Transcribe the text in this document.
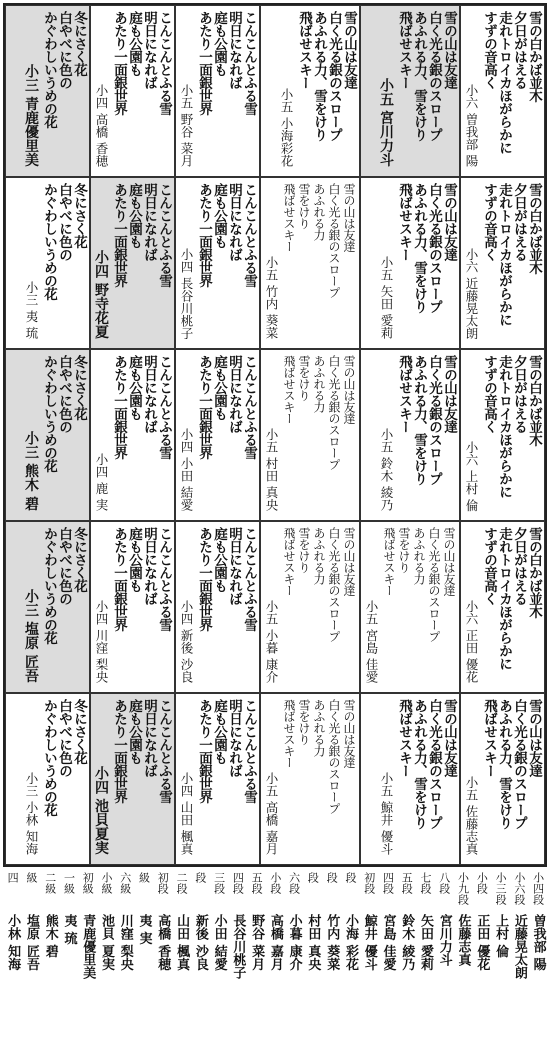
冬にさく花
白やべに色の
かぐわしいうめの花
小三 青鹿優里美
こんこんとふる雪
明日になれば
庭も公園も
あたり一面銀世界
小四 高橋 香穂
こんこんとふる雪
明日になれば
庭も公園も
あたり一面銀世界
小五 野谷 菜月
雪の山は友達
白く光る銀のスロープ
あふれる力、雪をけり
飛ばせスキー
小五 小海彩花
雪の山は友達
白く光る銀のスロープ
あふれる力、雪をけり
飛ばせスキー
小五 宮川力斗
雪の白かば並木
夕日がはえる
走れトロイカほがらかに
すずの音高く
小六 曽我部 陽
冬にさく花
白やべに色の
かぐわしいうめの花
小三 夷 琉
こんこんとふる雪
明日になれば
庭も公園も
あたり一面銀世界
小四 野寺花夏
こんこんとふる雪
明日になれば
庭も公園も
あたり一面銀世界
小四 長谷川桃子
雪の山は友達
白く光る銀のスロープ
あふれる力
雪をけり
飛ばせスキー
小五 竹内 葵菜
雪の山は友達
白く光る銀のスロープ
あふれる力、雪をけり
飛ばせスキー
小五 矢田 愛莉
雪の白かば並木
夕日がはえる
走れトロイカほがらかに
すずの音高く
小六 近藤晃太朗
冬にさく花
白やべに色の
かぐわしいうめの花
小三 熊木 碧
こんこんとふる雪
明日になれば
庭も公園も
あたり一面銀世界
小四 鹿 実
こんこんとふる雪
明日になれば
庭も公園も
あたり一面銀世界
小四 小田 結愛
雪の山は友達
白く光る銀のスロープ
あふれる力
雪をけり
飛ばせスキー
小五 村田 真央
雪の山は友達
白く光る銀のスロープ
あふれる力、雪をけり
飛ばせスキー
小五 鈴木 綾乃
雪の白かば並木
夕日がはえる
走れトロイカほがらかに
すずの音高く
小六 上村 倫
冬にさく花
白やべに色の
かぐわしいうめの花
小三 塩原 匠吾
こんこんとふる雪
明日になれば
庭も公園も
あたり一面銀世界
小四 川窪 梨央
こんこんとふる雪
明日になれば
庭も公園も
あたり一面銀世界
小四 新後 沙良
雪の山は友達
白く光る銀のスロープ
あふれる力
雪をけり
飛ばせスキー
小五 小暮 康介
雪の山は友達
白く光る銀のスロープ
あふれる力
雪をけり
飛ばせスキー
小五 宮島 佳愛
雪の白かば並木
夕日がはえる
走れトロイカほがらかに
すずの音高く
小六 正田 優花
冬にさく花
白やべに色の
かぐわしいうめの花
小三 小林 知海
こんこんとふる雪
明日になれば
庭も公園も
あたり一面銀世界
小四 池貝夏実
こんこんとふる雪
明日になれば
庭も公園も
あたり一面銀世界
小四 山田 楓真
雪の山は友達
白く光る銀のスロープ
あふれる力
雪をけり
飛ばせスキー
小五 高橋 嘉月
雪の山は友達
白く光る銀のスロープ
あふれる力、雪をけり
飛ばせスキー
小五 鯨井 優斗
雪の山は友達
白く光る銀のスロープ
あふれる力、雪をけり
飛ばせスキー
小五 佐藤志真
小四段
曽我部 陽
小六段
近藤晃太朗
小三段
上村 倫
小段
正田 優花
小九段
佐藤志真
八段
宮川力斗
七段
矢田 愛莉
五段
鈴木 綾乃
四段
宮島 佳愛
初段
鯨井 優斗
段
小海 彩花
段
竹内 葵菜
段
村田 真央
六段
小暮 康介
小段
高橋 嘉月
五段
野谷 菜月
四段
長谷川桃子
三段
小田 結愛
段
新後 沙良
二段
山田 楓真
初段
高橋 香穂
級
夷 実
六級
川窪 梨央
小級
池貝 夏実
初級
青鹿優里美
一級
夷 琉
二級
熊木 碧
級
塩原 匠吾
四
小林 知海
